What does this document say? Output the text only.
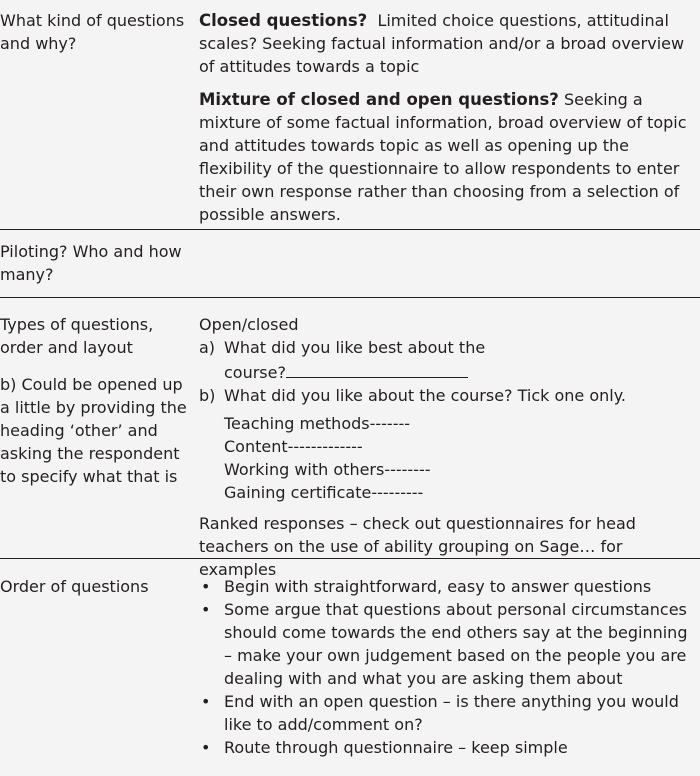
What kind of questions and why?

Closed questions? Limited choice questions, attitudinal scales? Seeking factual information and/or a broad overview of attitudes towards a topic

Mixture of closed and open questions? Seeking a mixture of some factual information, broad overview of topic and attitudes towards topic as well as opening up the flexibility of the questionnaire to allow respondents to enter their own response rather than choosing from a selection of possible answers.

Piloting? Who and how many?

Types of questions, order and layout

b) Could be opened up a little by providing the heading ‘other’ and asking the respondent to specify what that is

Open/closed

a) What did you like best about the

course?

b) What did you like about the course? Tick one only.

Teaching methods-------

Content-------------

Working with others--------

Gaining certificate---------

Ranked responses – check out questionnaires for head teachers on the use of ability grouping on Sage… for examples

Order of questions	• Begin with straightforward, easy to answer questions

• Some argue that questions about personal circumstances should come towards the end others say at the beginning – make your own judgement based on the people you are dealing with and what you are asking them about

• End with an open question – is there anything you would like to add/comment on?

• Route through questionnaire – keep simple
